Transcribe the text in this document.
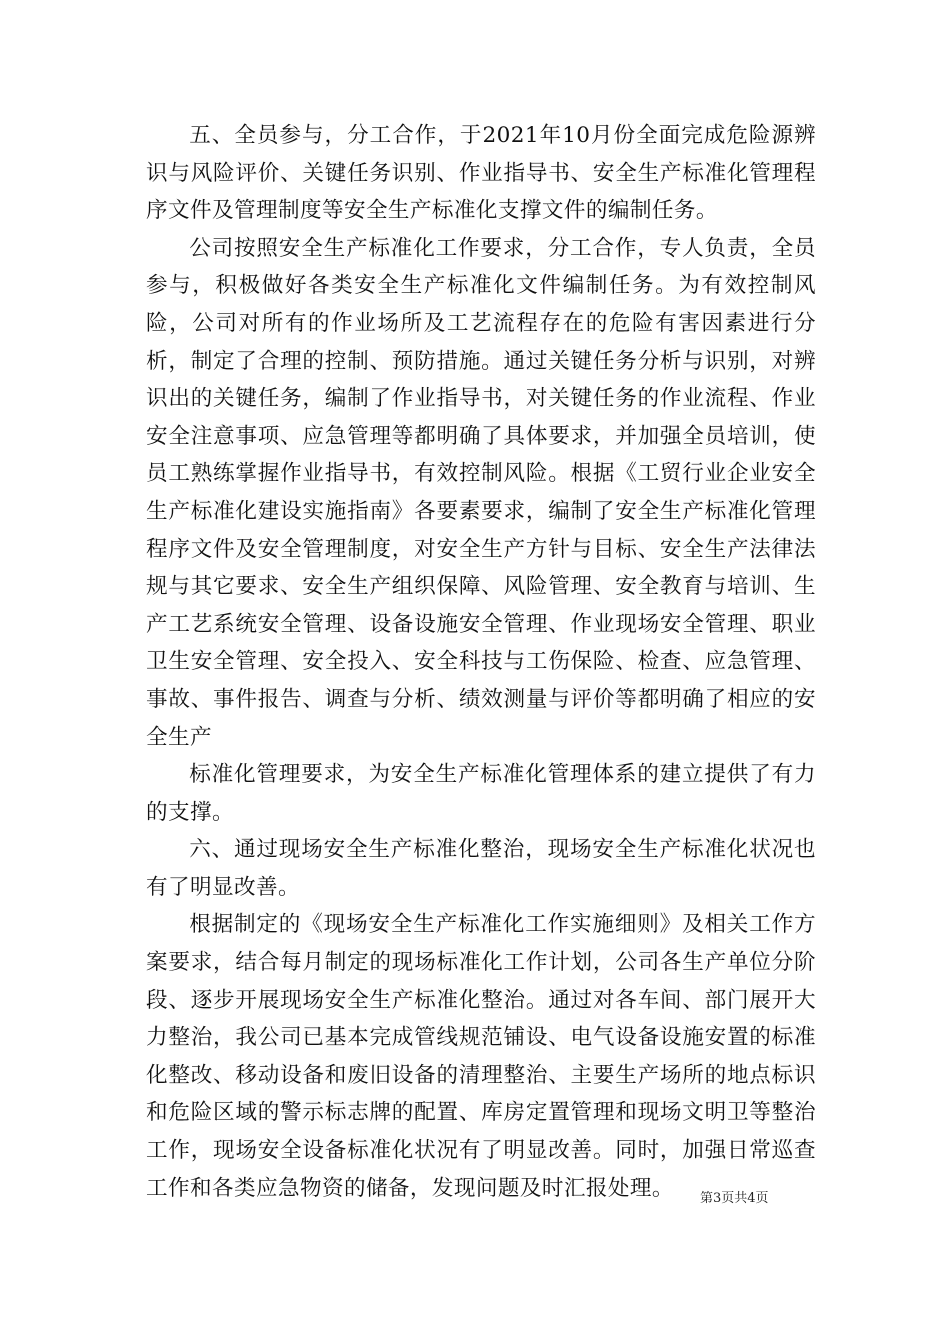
五、全员参与，分工合作，于2021年10月份全面完成危险源辨识与风险评价、关键任务识别、作业指导书、安全生产标准化管理程序文件及管理制度等安全生产标准化支撑文件的编制任务。

公司按照安全生产标准化工作要求，分工合作，专人负责，全员参与，积极做好各类安全生产标准化文件编制任务。为有效控制风险，公司对所有的作业场所及工艺流程存在的危险有害因素进行分析，制定了合理的控制、预防措施。通过关键任务分析与识别，对辨识出的关键任务，编制了作业指导书，对关键任务的作业流程、作业安全注意事项、应急管理等都明确了具体要求，并加强全员培训，使员工熟练掌握作业指导书，有效控制风险。根据《工贸行业企业安全生产标准化建设实施指南》各要素要求，编制了安全生产标准化管理程序文件及安全管理制度，对安全生产方针与目标、安全生产法律法规与其它要求、安全生产组织保障、风险管理、安全教育与培训、生产工艺系统安全管理、设备设施安全管理、作业现场安全管理、职业卫生安全管理、安全投入、安全科技与工伤保险、检查、应急管理、事故、事件报告、调查与分析、绩效测量与评价等都明确了相应的安全生产

标准化管理要求，为安全生产标准化管理体系的建立提供了有力的支撑。

六、通过现场安全生产标准化整治，现场安全生产标准化状况也有了明显改善。

根据制定的《现场安全生产标准化工作实施细则》及相关工作方案要求，结合每月制定的现场标准化工作计划，公司各生产单位分阶段、逐步开展现场安全生产标准化整治。通过对各车间、部门展开大力整治，我公司已基本完成管线规范铺设、电气设备设施安置的标准化整改、移动设备和废旧设备的清理整治、主要生产场所的地点标识和危险区域的警示标志牌的配置、库房定置管理和现场文明卫等整治工作，现场安全设备标准化状况有了明显改善。同时，加强日常巡查工作和各类应急物资的储备，发现问题及时汇报处理。	第3页共4页
